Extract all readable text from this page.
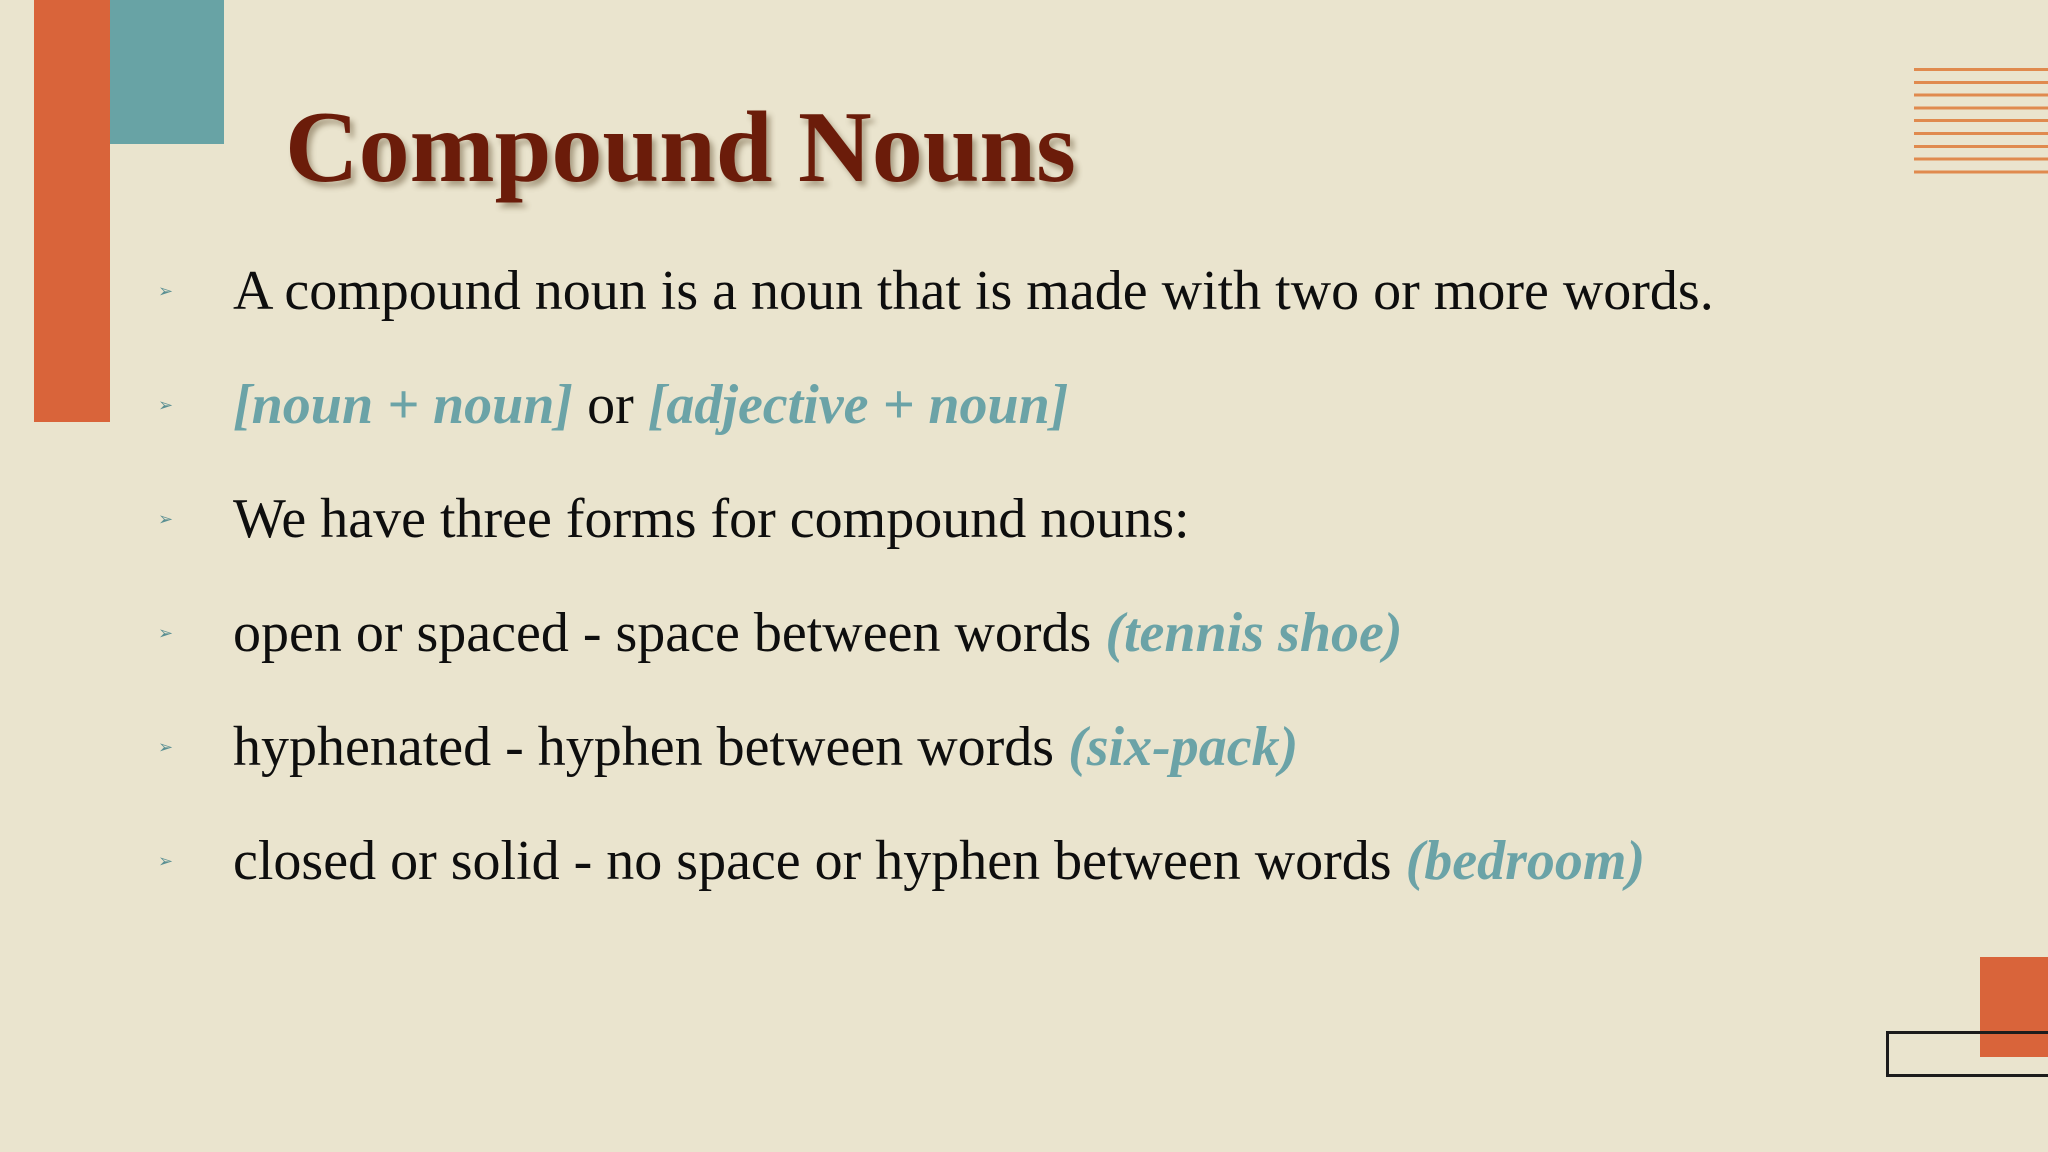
Compound Nouns
➢ A compound noun is a noun that is made with two or more words.
➢ [noun + noun] or [adjective + noun]
➢ We have three forms for compound nouns:
➢ open or spaced - space between words (tennis shoe)
➢ hyphenated - hyphen between words (six-pack)
➢ closed or solid - no space or hyphen between words (bedroom)
